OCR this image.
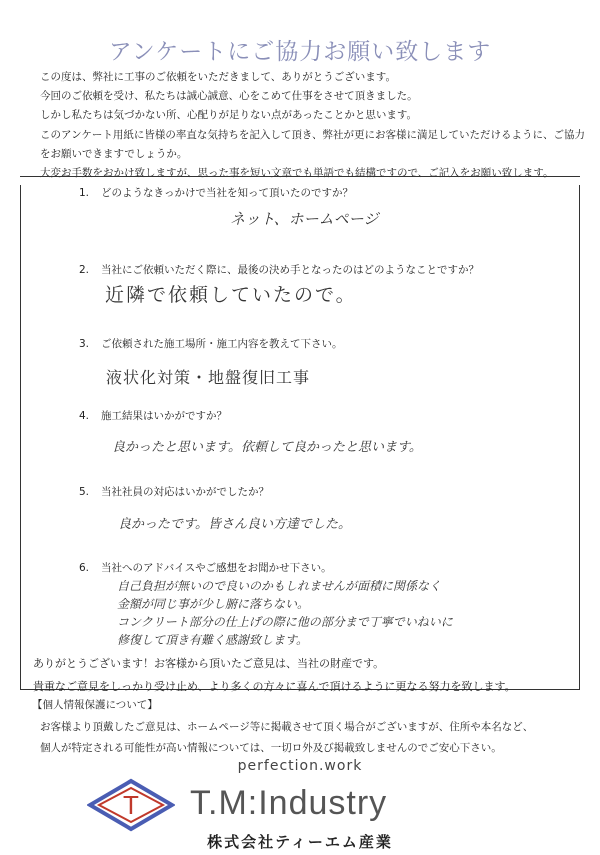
アンケートにご協力お願い致します
この度は、弊社に工事のご依頼をいただきまして、ありがとうございます。
今回のご依頼を受け、私たちは誠心誠意、心をこめて仕事をさせて頂きました。
しかし私たちは気づかない所、心配りが足りない点があったことかと思います。
このアンケート用紙に皆様の率直な気持ちを記入して頂き、弊社が更にお客様に満足していただけるように、ご協力
をお願いできますでしょうか。
大変お手数をおかけ致しますが、思った事を短い文章でも単語でも結構ですので、ご記入をお願い致します。
1. どのようなきっかけで当社を知って頂いたのですか？
ネット、ホームページ
2. 当社にご依頼いただく際に、最後の決め手となったのはどのようなことですか？
近隣で依頼していたので。
3. ご依頼された施工場所・施工内容を教えて下さい。
液状化対策・地盤復旧工事
4. 施工結果はいかがですか？
良かったと思います。依頼して良かったと思います。
5. 当社社員の対応はいかがでしたか？
良かったです。皆さん良い方達でした。
6. 当社へのアドバイスやご感想をお聞かせ下さい。
自己負担が無いので良いのかもしれませんが面積に関係なく
金額が同じ事が少し腑に落ちない。
コンクリート部分の仕上げの際に他の部分まで丁寧でいねいに
修復して頂き有難く感謝致します。
ありがとうございます！お客様から頂いたご意見は、当社の財産です。
貴重なご意見をしっかり受け止め、より多くの方々に喜んで頂けるように更なる努力を致します。
【個人情報保護について】
お客様より頂戴したご意見は、ホームページ等に掲載させて頂く場合がございますが、住所や本名など、
個人が特定される可能性が高い情報については、一切ロ外及び掲載致しませんのでご安心下さい。
perfection.work
T T.M:Industry
株式会社ティーエム産業
